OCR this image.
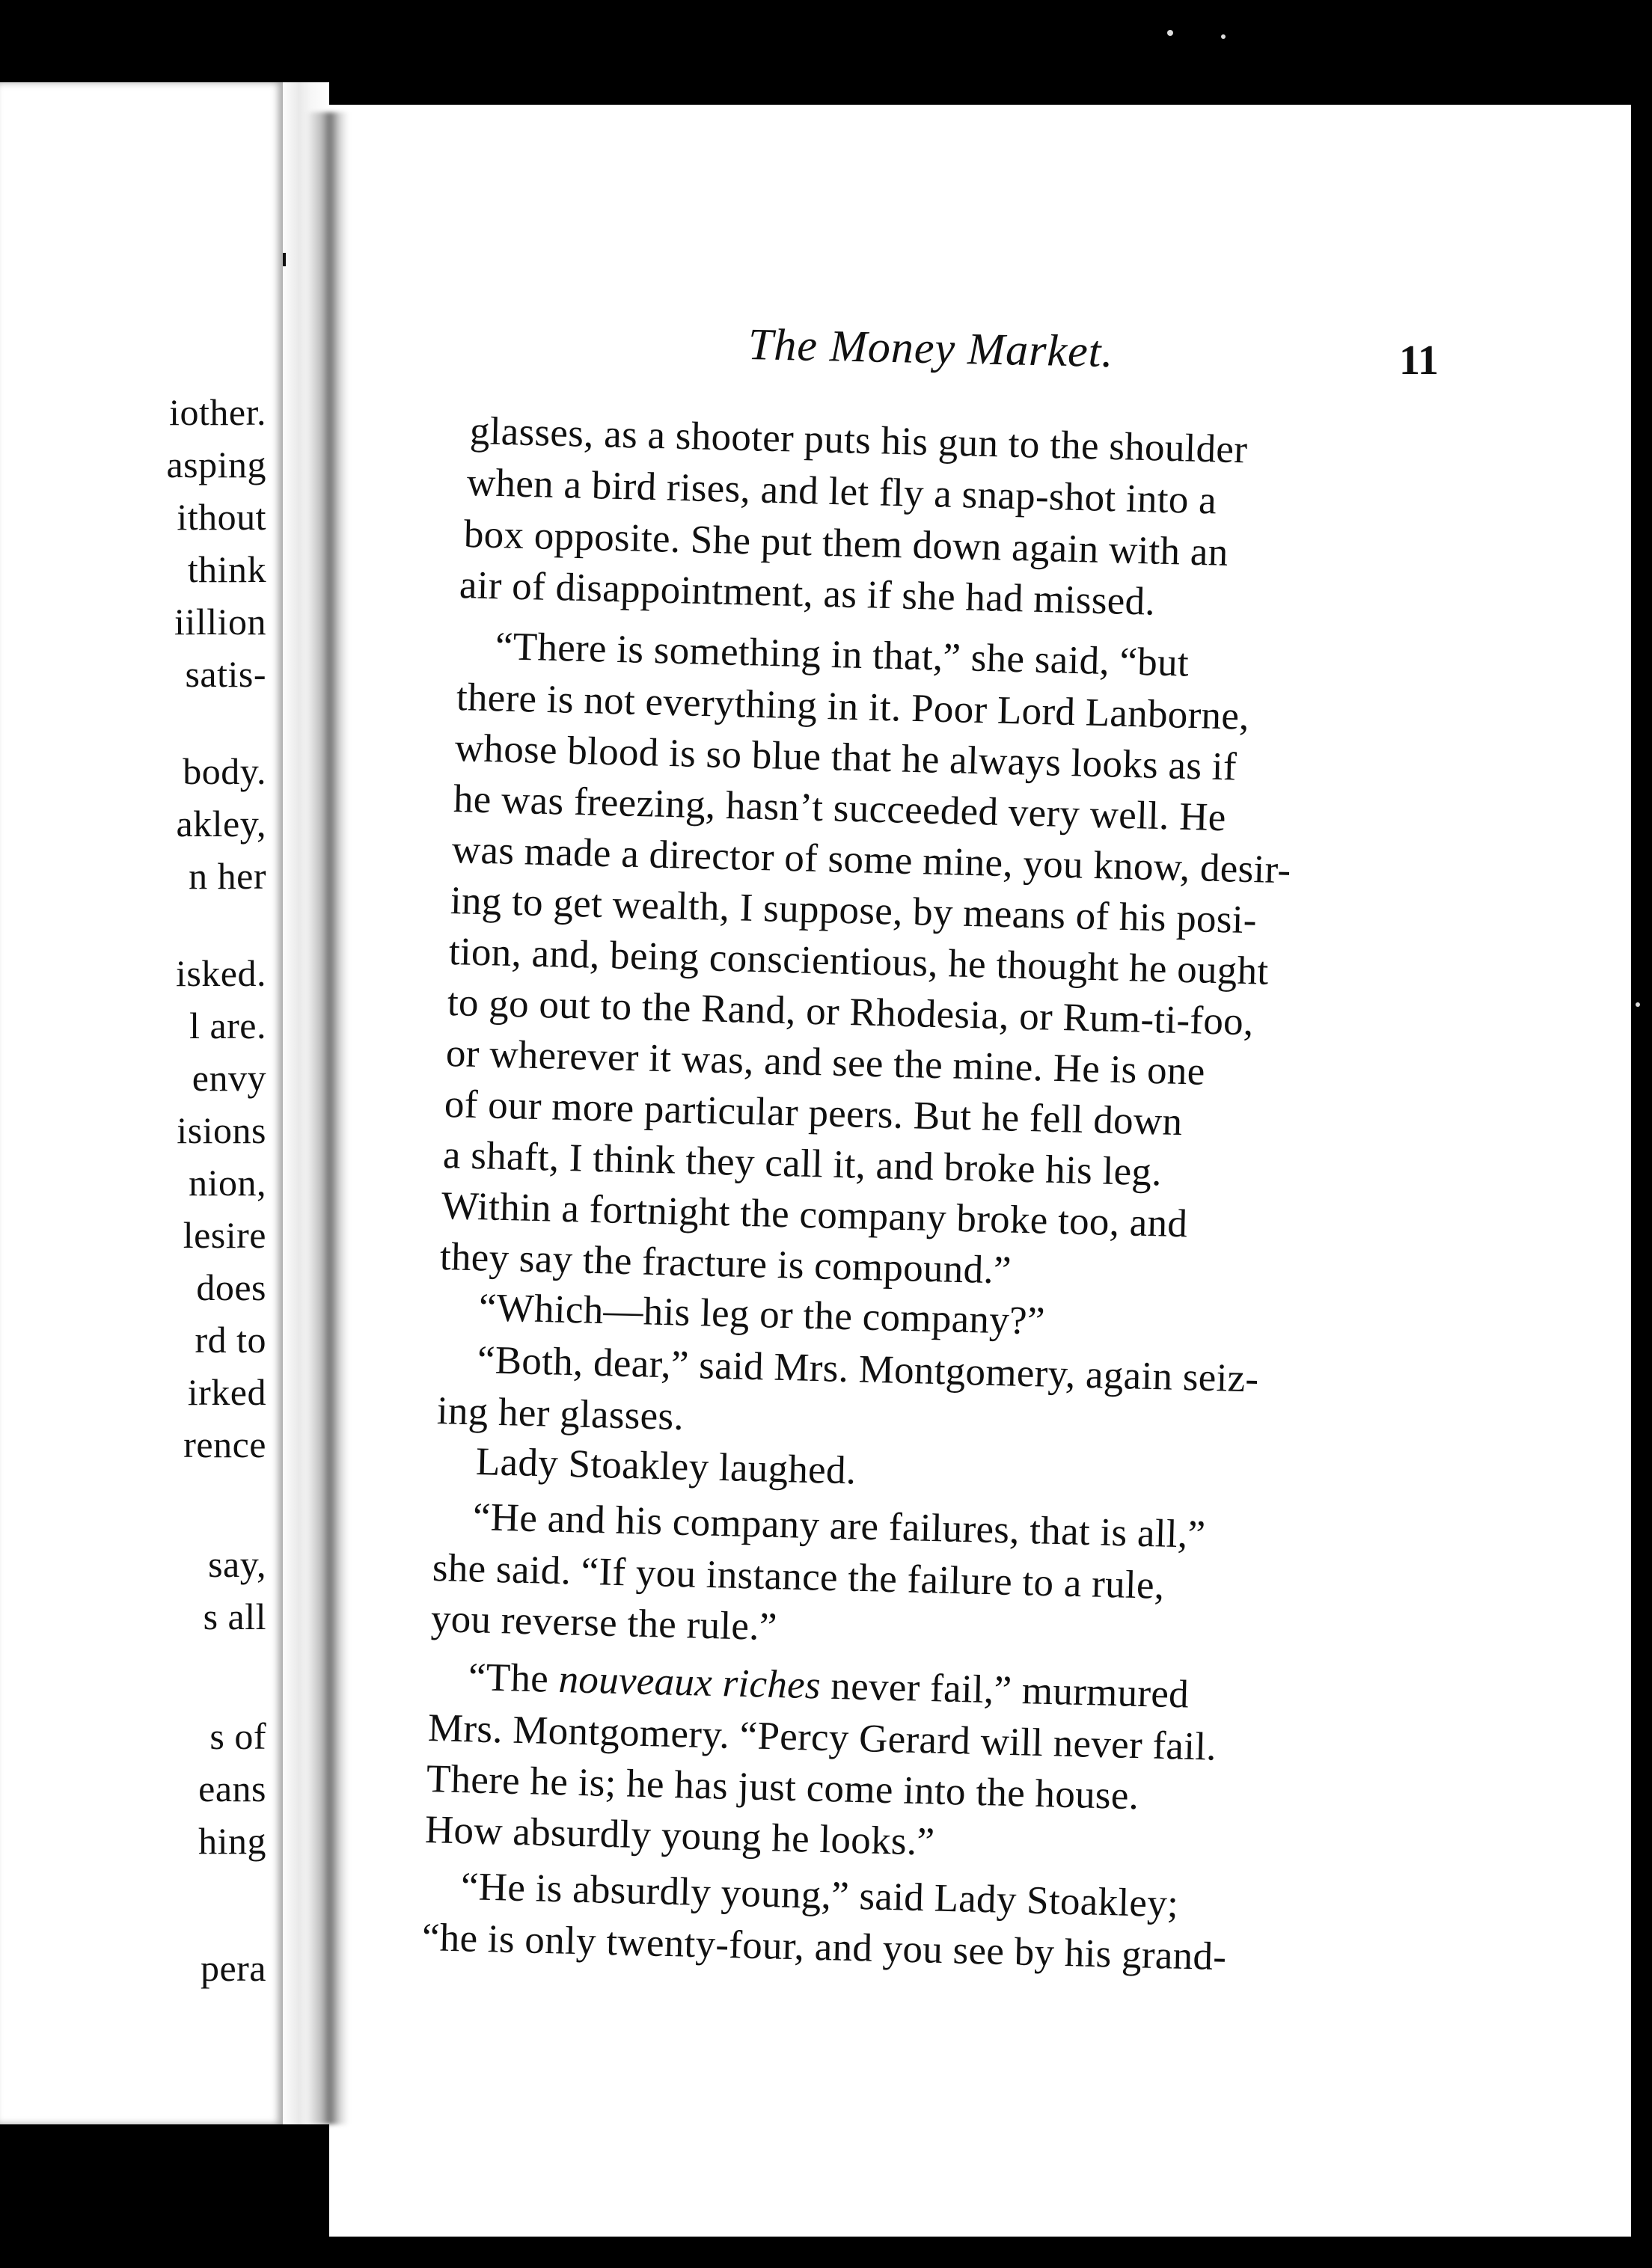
iother.
asping
ithout
think
iillion
satis-
body.
akley,
n her
isked.
l are.
envy
isions
nion,
lesire
does
rd to
irked
rence
say,
s all
s of
eans
hing
pera
The Money Market.	11
glasses, as a shooter puts his gun to the shoulder
when a bird rises, and let fly a snap-shot into a
box opposite. She put them down again with an
air of disappointment, as if she had missed.
“There is something in that,” she said, “but
there is not everything in it. Poor Lord Lanborne,
whose blood is so blue that he always looks as if
he was freezing, hasn’t succeeded very well. He
was made a director of some mine, you know, desir-
ing to get wealth, I suppose, by means of his posi-
tion, and, being conscientious, he thought he ought
to go out to the Rand, or Rhodesia, or Rum-ti-foo,
or wherever it was, and see the mine. He is one
of our more particular peers. But he fell down
a shaft, I think they call it, and broke his leg.
Within a fortnight the company broke too, and
they say the fracture is compound.”
“Which—his leg or the company?”
“Both, dear,” said Mrs. Montgomery, again seiz-
ing her glasses.
Lady Stoakley laughed.
“He and his company are failures, that is all,”
she said. “If you instance the failure to a rule,
you reverse the rule.”
“The nouveaux riches never fail,” murmured
Mrs. Montgomery. “Percy Gerard will never fail.
There he is; he has just come into the house.
How absurdly young he looks.”
“He is absurdly young,” said Lady Stoakley;
“he is only twenty-four, and you see by his grand-
